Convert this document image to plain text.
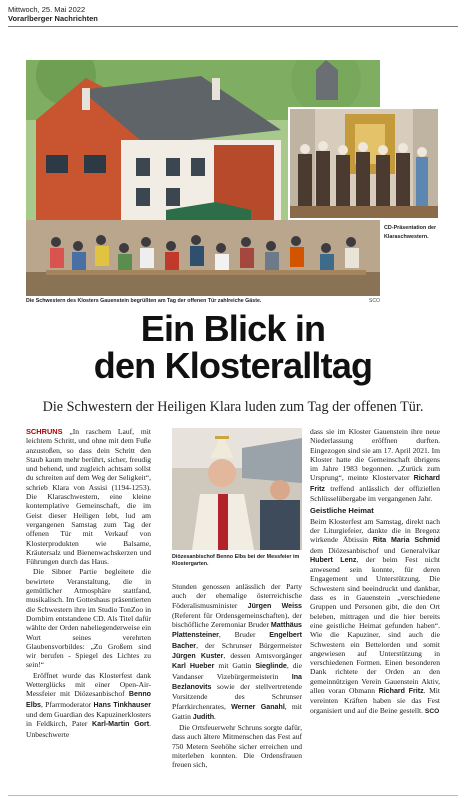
Mittwoch, 25. Mai 2022
Vorarlberger Nachrichten
CD-Präsentation der Klaraschwestern.
Die Schwestern des Klosters Gauenstein begrüßten am Tag der offenen Tür zahlreiche Gäste.	SCO
Ein Blick in
den Klosteralltag
Die Schwestern der Heiligen Klara luden zum Tag der offenen Tür.

SCHRUNS „In raschem Lauf, mit leichtem Schritt, und ohne mit dem Fuße anzustoßen, so dass dein Schritt den Staub kaum mehr berührt, sicher, freudig und behend, und zugleich achtsam sollst du schreiten auf dem Weg der Seligkeit“, schrieb Klara von Assisi (1194-1253). Die Klaraschwestern, eine kleine kontemplative Gemeinschaft, die im Geist dieser Heiligen lebt, lud am vergangenen Samstag zum Tag der offenen Tür mit Verkauf von Klosterprodukten wie Balsame, Kräutersalz und Bienenwachskerzen und Führungen durch das Haus.

Die Sibner Partie begleitete die bewirtete Veranstaltung, die in gemütlicher Atmosphäre stattfand, musikalisch. Im Gotteshaus präsentierten die Schwestern ihre im Studio TonZoo in Dornbirn entstandene CD. Als Titel dafür wählte der Orden naheliegenderweise ein Wort seines verehrten Glaubensvorbildes: „Zu Großem sind wir berufen - Spiegel des Lichtes zu sein!“

Eröffnet wurde das Klosterfest dank Wetterglücks mit einer Open-Air-Messfeier mit Diözesanbischof Benno Elbs, Pfarrmoderator Hans Tinkhauser und dem Guardian des Kapuzinerklosters in Feldkirch, Pater Karl-Martin Gort. Unbeschwerte

Diözesanbischof Benno Elbs bei der Messfeier im Klostergarten.

Stunden genossen anlässlich der Party auch der ehemalige österreichische Föderalismusminister Jürgen Weiss (Referent für Ordensgemeinschaften), der bischöfliche Zeremoniar Bruder Matthäus Plattensteiner, Bruder Engelbert Bacher, der Schrunser Bürgermeister Jürgen Kuster, dessen Amtsvorgänger Karl Hueber mit Gattin Sieglinde, die Vandanser Vizebürgermeisterin Ina Bezlanovits sowie der stellvertretende Vorsitzende des Schrunser Pfarrkirchenrates, Werner Ganahl, mit Gattin Judith.

Die Ortsfeuerwehr Schruns sorgte dafür, dass auch ältere Mitmenschen das Fest auf 750 Metern Seehöhe sicher erreichen und miterleben konnten. Die Ordensfrauen freuen sich,

dass sie im Kloster Gauenstein ihre neue Niederlassung eröffnen durften. Eingezogen sind sie am 17. April 2021. Im Kloster hatte die Gemeinschaft übrigens im Jahre 1983 begonnen. „Zurück zum Ursprung“, meinte Klostervater Richard Fritz treffend anlässlich der offiziellen Schlüsselübergabe im vergangenen Jahr.

Geistliche Heimat

Beim Klosterfest am Samstag, direkt nach der Liturgiefeier, dankte die in Bregenz wirkende Äbtissin Rita Maria Schmid dem Diözesanbischof und Generalvikar Hubert Lenz, der beim Fest nicht anwesend sein konnte, für deren Engagement und Unterstützung. Die Schwestern sind beeindruckt und dankbar, dass es in Gauenstein „verschiedene Gruppen und Personen gibt, die den Ort beleben, mittragen und die hier bereits eine geistliche Heimat gefunden haben“. Wie die Kapuziner, sind auch die Schwestern ein Bettelorden und somit angewiesen auf Unterstützung in verschiedenen Formen. Einen besonderen Dank richtete der Orden an den gemeinnützigen Verein Gauenstein Aktiv, allen voran Obmann Richard Fritz. Mit vereinten Kräften haben sie das Fest organisiert und auf die Beine gestellt. SCO
